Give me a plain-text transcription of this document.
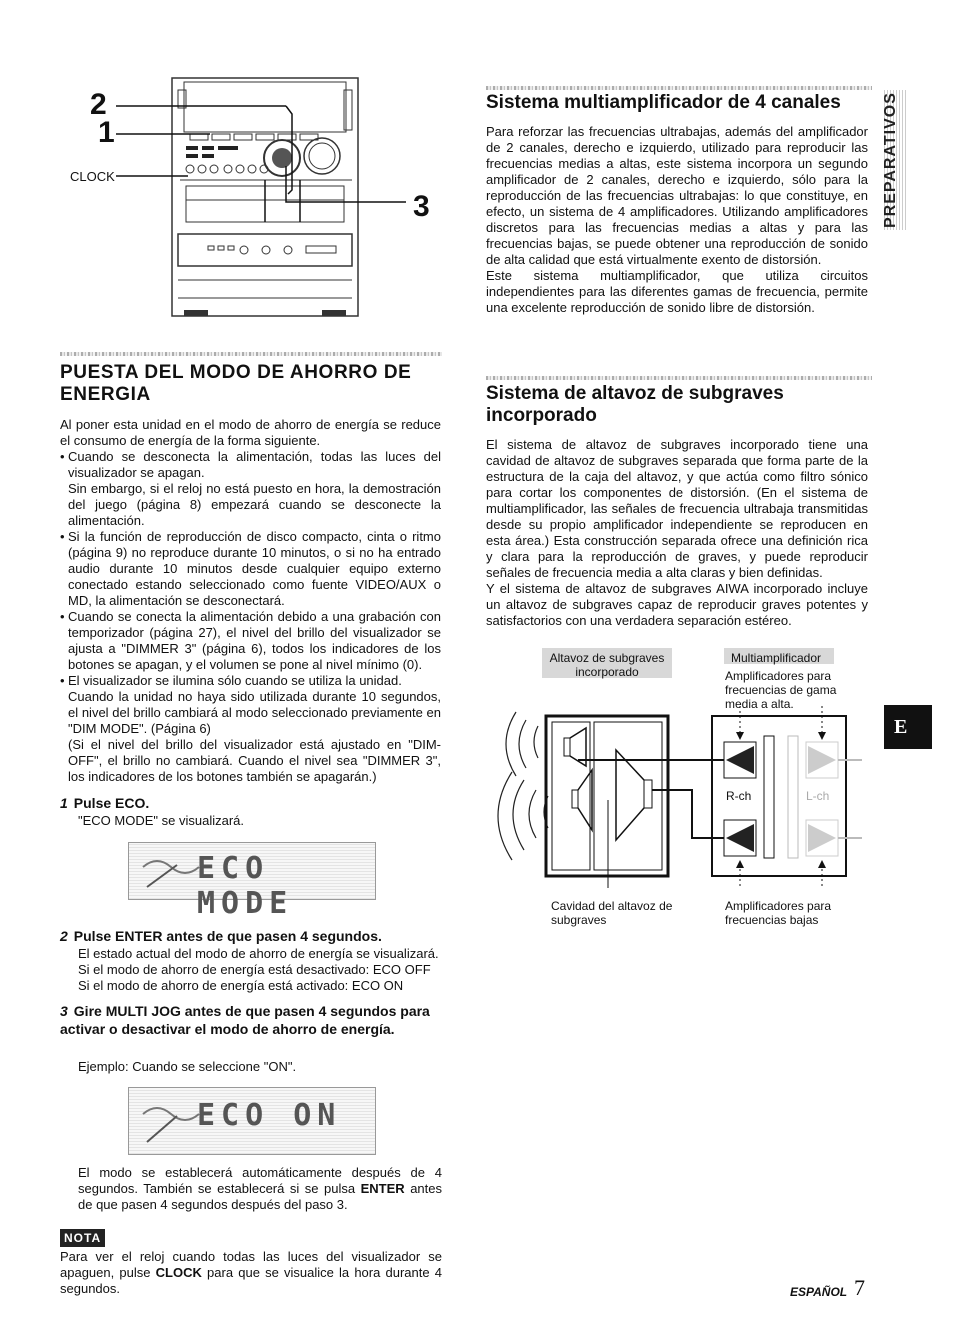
2
1
CLOCK
3
Sistema multiamplificador de 4 canales

Para reforzar las frecuencias ultrabajas, además del amplificador de 2 canales, derecho e izquierdo, utilizado para reproducir las frecuencias medias a altas, este sistema incorpora un segundo amplificador de 2 canales, derecho e izquierdo, sólo para la reproducción de las frecuencias ultrabajas: lo que constituye, en efecto, un sistema de 4 amplificadores. Utilizando amplificadores discretos para las frecuencias medias a altas y para las frecuencias bajas, se puede obtener una reproducción de sonido de alta calidad que está virtualmente exento de distorsión.

Este sistema multiamplificador, que utiliza circuitos independientes para las diferentes gamas de frecuencia, permite una excelente reproducción de sonido libre de distorsión.

PREPARATIVOS
E
PUESTA DEL MODO DE AHORRO DE ENERGIA

Al poner esta unidad en el modo de ahorro de energía se reduce el consumo de energía de la forma siguiente.

• Cuando se desconecta la alimentación, todas las luces del visualizador se apagan.
Sin embargo, si el reloj no está puesto en hora, la demostración del juego (página 8) empezará cuando se desconecte la alimentación.
• Si la función de reproducción de disco compacto, cinta o ritmo (página 9) no reproduce durante 10 minutos, o si no ha entrado audio durante 10 minutos desde cualquier equipo externo conectado estando seleccionado como fuente VIDEO/AUX o MD, la alimentación se desconectará.
• Cuando se conecta la alimentación debido a una grabación con temporizador (página 27), el nivel del brillo del visualizador se ajusta a "DIMMER 3" (página 6), todos los indicadores de los botones se apagan, y el volumen se pone al nivel mínimo (0).
• El visualizador se ilumina sólo cuando se utiliza la unidad.
Cuando la unidad no haya sido utilizada durante 10 segundos, el nivel del brillo cambiará al modo seleccionado previamente en "DIM MODE". (Página 6)
(Si el nivel del brillo del visualizador está ajustado en "DIM-OFF", el brillo no cambiará. Cuando el nivel sea "DIMMER 3", los indicadores de los botones también se apagarán.)
1 Pulse ECO.
"ECO MODE" se visualizará.
ECO MODE
2 Pulse ENTER antes de que pasen 4 segundos.
El estado actual del modo de ahorro de energía se visualizará.
Si el modo de ahorro de energía está desactivado: ECO OFF
Si el modo de ahorro de energía está activado: ECO ON
3 Gire MULTI JOG antes de que pasen 4 segundos para activar o desactivar el modo de ahorro de energía.
Ejemplo: Cuando se seleccione "ON".
ECO ON
El modo se establecerá automáticamente después de 4 segundos. También se establecerá si se pulsa ENTER antes de que pasen 4 segundos después del paso 3.
NOTA
Para ver el reloj cuando todas las luces del visualizador se apaguen, pulse CLOCK para que se visualice la hora durante 4 segundos.
Sistema de altavoz de subgraves incorporado

El sistema de altavoz de subgraves incorporado tiene una cavidad de altavoz de subgraves separada que forma parte de la estructura de la caja del altavoz, y que actúa como filtro sónico para cortar los componentes de distorsión. (En el sistema de multiamplificador, las señales de frecuencia ultrabaja transmitidas desde su propio amplificador independiente se reproducen en esta área.) Esta construcción separada ofrece una definición rica y clara para la reproducción de graves, y puede reproducir señales de frecuencia media a alta claras y bien definidas.

Y el sistema de altavoz de subgraves AIWA incorporado incluye un altavoz de subgraves capaz de reproducir graves potentes y satisfactorios con una verdadera separación estéreo.

Altavoz de subgraves incorporado
Multiamplificador
Amplificadores para frecuencias de gama media a alta.
R-ch	L-ch
Cavidad del altavoz de subgraves
Amplificadores para frecuencias bajas
ESPAÑOL 7
